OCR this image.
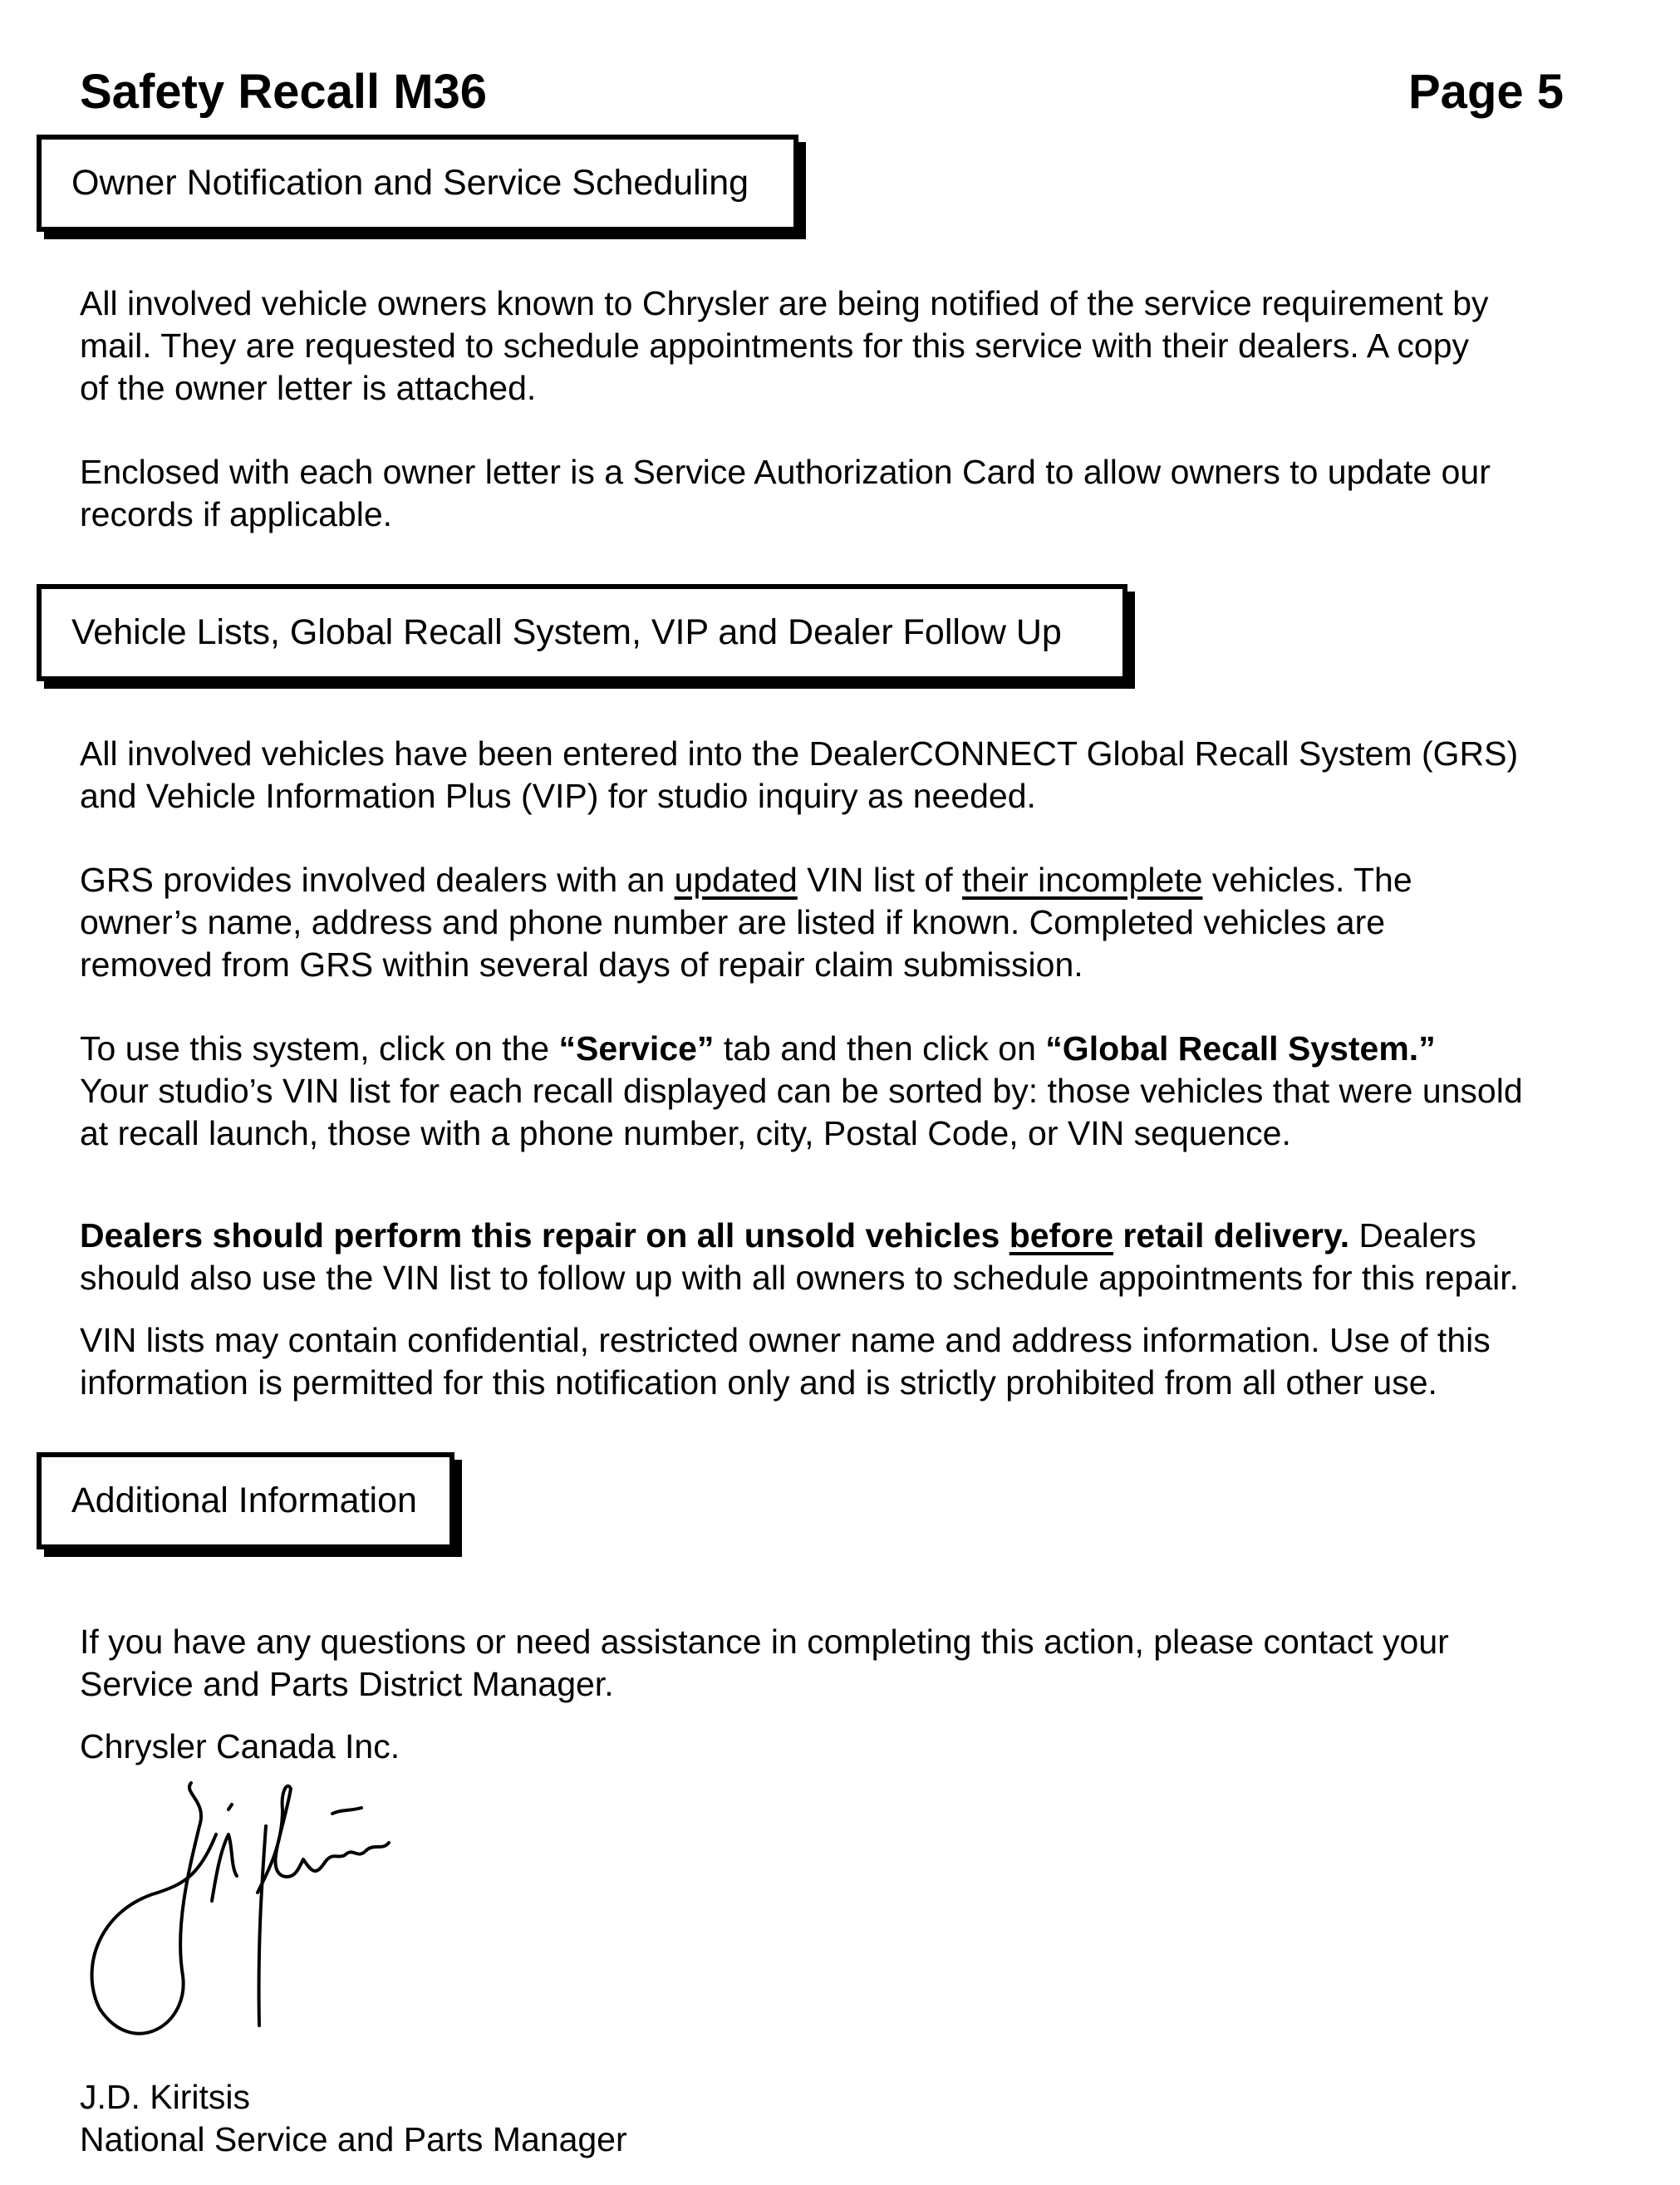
Safety Recall M36	Page 5
Owner Notification and Service Scheduling
All involved vehicle owners known to Chrysler are being notified of the service requirement by
mail. They are requested to schedule appointments for this service with their dealers. A copy
of the owner letter is attached.
Enclosed with each owner letter is a Service Authorization Card to allow owners to update our
records if applicable.
Vehicle Lists, Global Recall System, VIP and Dealer Follow Up
All involved vehicles have been entered into the DealerCONNECT Global Recall System (GRS)
and Vehicle Information Plus (VIP) for studio inquiry as needed.
GRS provides involved dealers with an updated VIN list of their incomplete vehicles. The
owner’s name, address and phone number are listed if known. Completed vehicles are
removed from GRS within several days of repair claim submission.
To use this system, click on the “Service” tab and then click on “Global Recall System.”
Your studio’s VIN list for each recall displayed can be sorted by: those vehicles that were unsold
at recall launch, those with a phone number, city, Postal Code, or VIN sequence.
Dealers should perform this repair on all unsold vehicles before retail delivery. Dealers
should also use the VIN list to follow up with all owners to schedule appointments for this repair.
VIN lists may contain confidential, restricted owner name and address information. Use of this
information is permitted for this notification only and is strictly prohibited from all other use.
Additional Information
If you have any questions or need assistance in completing this action, please contact your
Service and Parts District Manager.
Chrysler Canada Inc.
J.D. Kiritsis
National Service and Parts Manager
